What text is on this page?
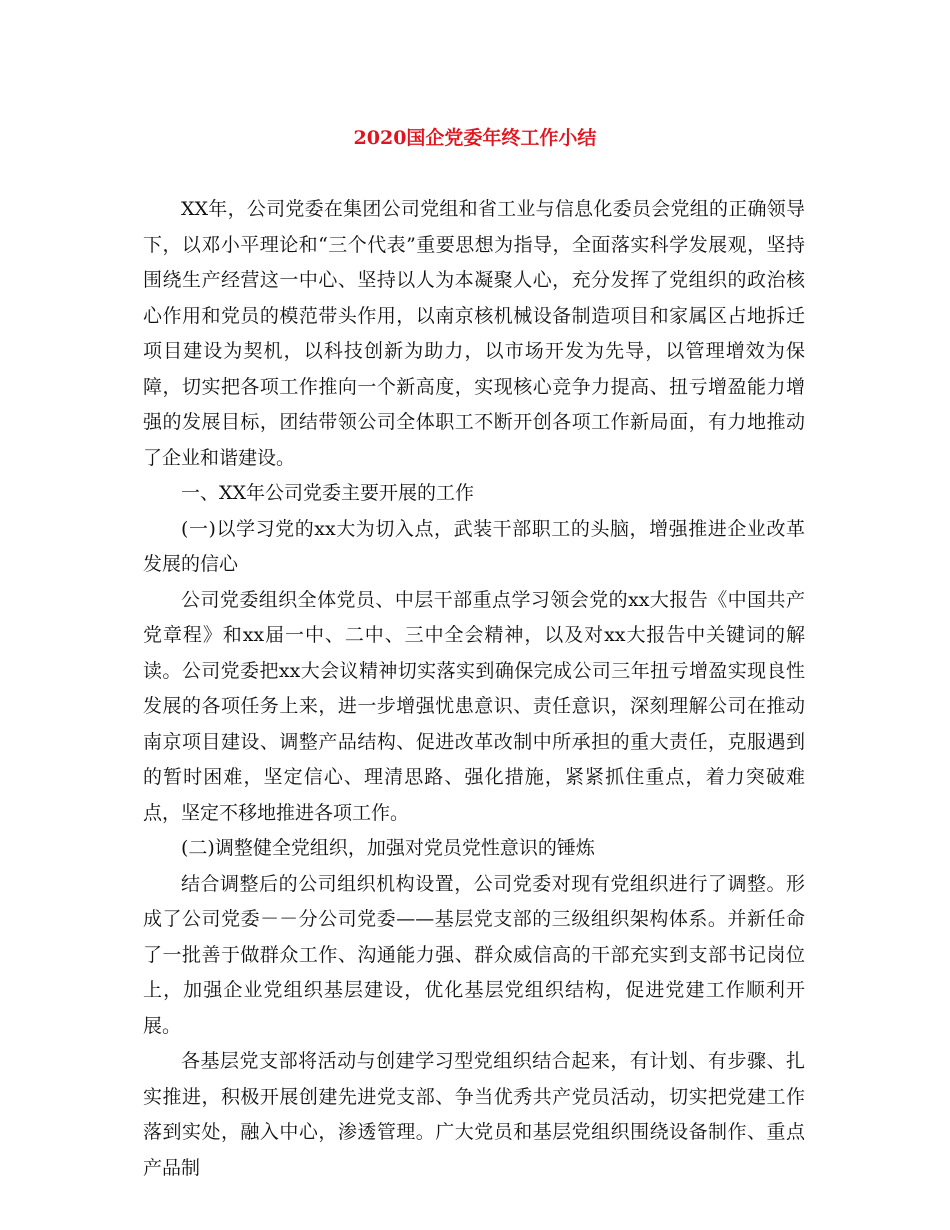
2020国企党委年终工作小结

XX年，公司党委在集团公司党组和省工业与信息化委员会党组的正确领导下，以邓小平理论和“三个代表”重要思想为指导，全面落实科学发展观，坚持围绕生产经营这一中心、坚持以人为本凝聚人心，充分发挥了党组织的政治核心作用和党员的模范带头作用，以南京核机械设备制造项目和家属区占地拆迁项目建设为契机，以科技创新为助力，以市场开发为先导，以管理增效为保障，切实把各项工作推向一个新高度，实现核心竞争力提高、扭亏增盈能力增强的发展目标，团结带领公司全体职工不断开创各项工作新局面，有力地推动了企业和谐建设。

一、XX年公司党委主要开展的工作

(一)以学习党的xx大为切入点，武装干部职工的头脑，增强推进企业改革发展的信心

公司党委组织全体党员、中层干部重点学习领会党的xx大报告《中国共产党章程》和xx届一中、二中、三中全会精神，以及对xx大报告中关键词的解读。公司党委把xx大会议精神切实落实到确保完成公司三年扭亏增盈实现良性发展的各项任务上来，进一步增强忧患意识、责任意识，深刻理解公司在推动南京项目建设、调整产品结构、促进改革改制中所承担的重大责任，克服遇到的暂时困难，坚定信心、理清思路、强化措施，紧紧抓住重点，着力突破难点，坚定不移地推进各项工作。

(二)调整健全党组织，加强对党员党性意识的锤炼

结合调整后的公司组织机构设置，公司党委对现有党组织进行了调整。形成了公司党委－－分公司党委——基层党支部的三级组织架构体系。并新任命了一批善于做群众工作、沟通能力强、群众威信高的干部充实到支部书记岗位上，加强企业党组织基层建设，优化基层党组织结构，促进党建工作顺利开展。

各基层党支部将活动与创建学习型党组织结合起来，有计划、有步骤、扎实推进，积极开展创建先进党支部、争当优秀共产党员活动，切实把党建工作落到实处，融入中心，渗透管理。广大党员和基层党组织围绕设备制作、重点产品制
